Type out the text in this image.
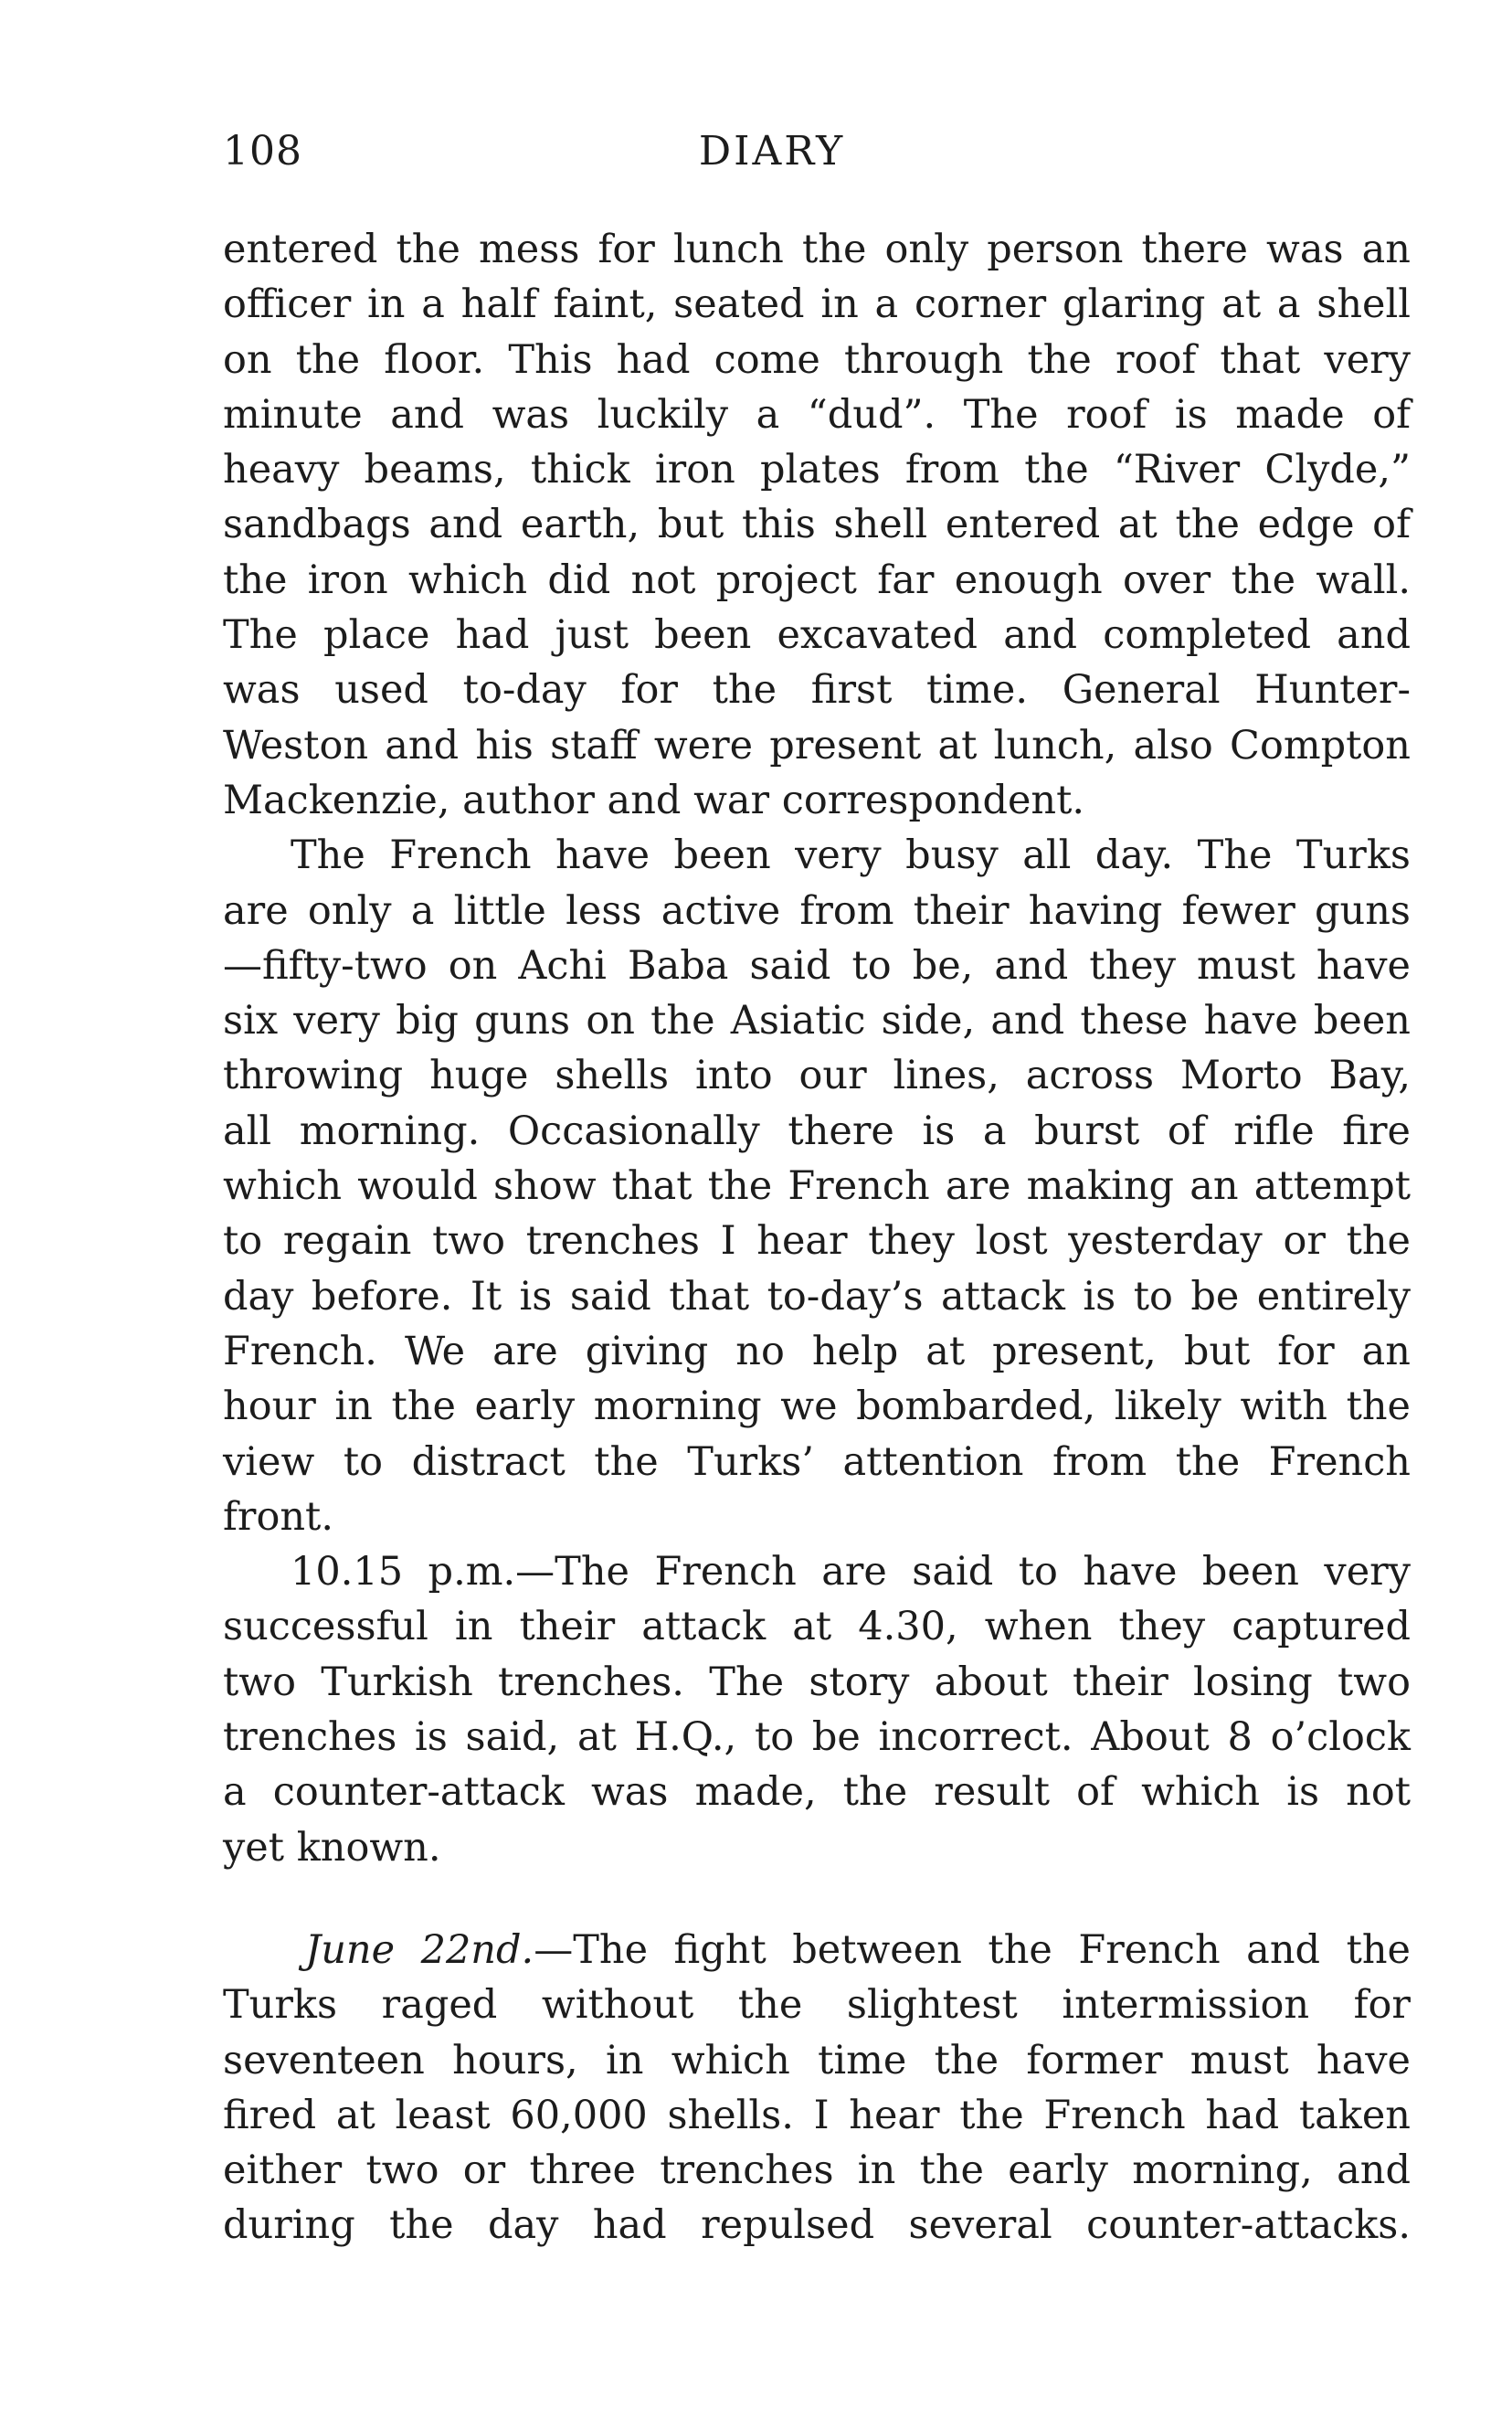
108	DIARY
entered the mess for lunch the only person there was an
officer in a half faint, seated in a corner glaring at a shell
on the floor. This had come through the roof that very
minute and was luckily a “dud”. The roof is made of
heavy beams, thick iron plates from the “River Clyde,”
sandbags and earth, but this shell entered at the edge of
the iron which did not project far enough over the wall.
The place had just been excavated and completed and
was used to-day for the first time. General Hunter-
Weston and his staff were present at lunch, also Compton
Mackenzie, author and war correspondent.
The French have been very busy all day. The Turks
are only a little less active from their having fewer guns
—fifty-two on Achi Baba said to be, and they must have
six very big guns on the Asiatic side, and these have been
throwing huge shells into our lines, across Morto Bay,
all morning. Occasionally there is a burst of rifle fire
which would show that the French are making an attempt
to regain two trenches I hear they lost yesterday or the
day before. It is said that to-day’s attack is to be entirely
French. We are giving no help at present, but for an
hour in the early morning we bombarded, likely with the
view to distract the Turks’ attention from the French
front.
10.15 p.m.—The French are said to have been very
successful in their attack at 4.30, when they captured
two Turkish trenches. The story about their losing two
trenches is said, at H.Q., to be incorrect. About 8 o’clock
a counter-attack was made, the result of which is not
yet known.
June 22nd.—The fight between the French and the
Turks raged without the slightest intermission for
seventeen hours, in which time the former must have
fired at least 60,000 shells. I hear the French had taken
either two or three trenches in the early morning, and
during the day had repulsed several counter-attacks.
